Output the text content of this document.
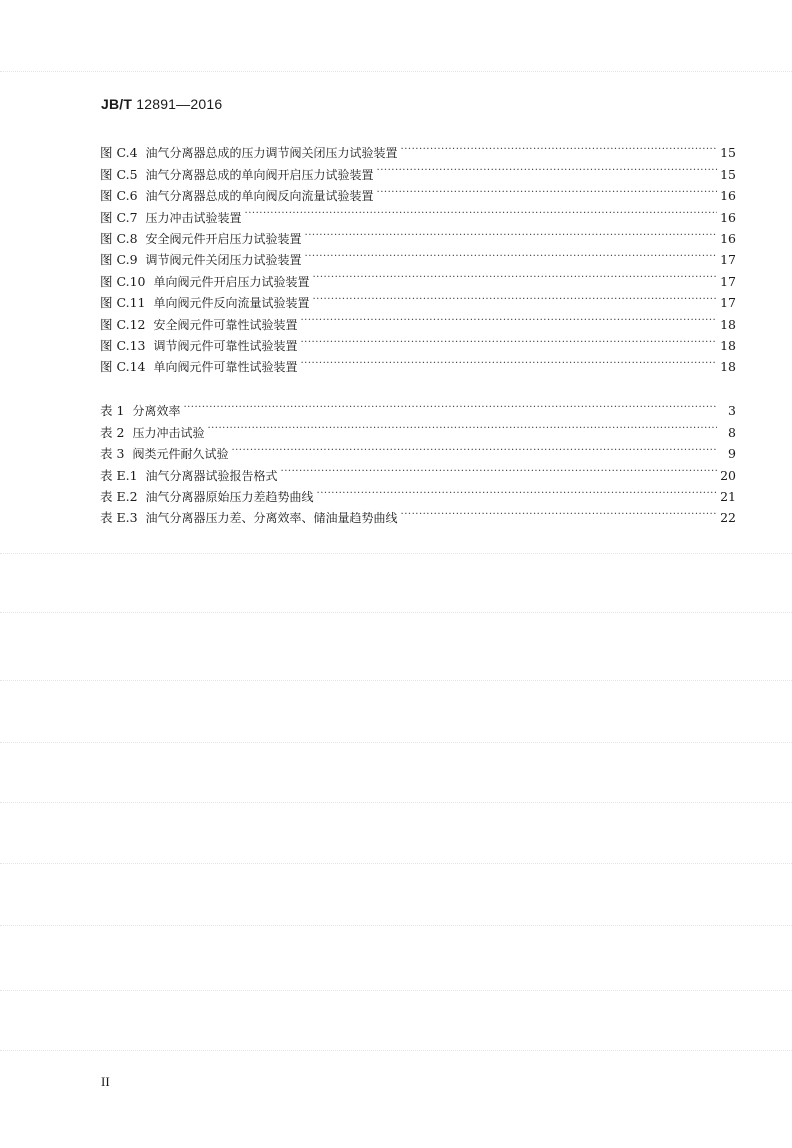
JB/T 12891—2016
图 C.4 油气分离器总成的压力调节阀关闭压力试验装置 .....	15
图 C.5 油气分离器总成的单向阀开启压力试验装置 .....	15
图 C.6 油气分离器总成的单向阀反向流量试验装置 .....	16
图 C.7 压力冲击试验装置 .....	16
图 C.8 安全阀元件开启压力试验装置 .....	16
图 C.9 调节阀元件关闭压力试验装置 .....	17
图 C.10 单向阀元件开启压力试验装置 .....	17
图 C.11 单向阀元件反向流量试验装置 .....	17
图 C.12 安全阀元件可靠性试验装置 .....	18
图 C.13 调节阀元件可靠性试验装置 .....	18
图 C.14 单向阀元件可靠性试验装置 .....	18
表 1 分离效率 .....	3
表 2 压力冲击试验 .....	8
表 3 阀类元件耐久试验 .....	9
表 E.1 油气分离器试验报告格式 .....	20
表 E.2 油气分离器原始压力差趋势曲线 .....	21
表 E.3 油气分离器压力差、分离效率、储油量趋势曲线 .....	22
II
